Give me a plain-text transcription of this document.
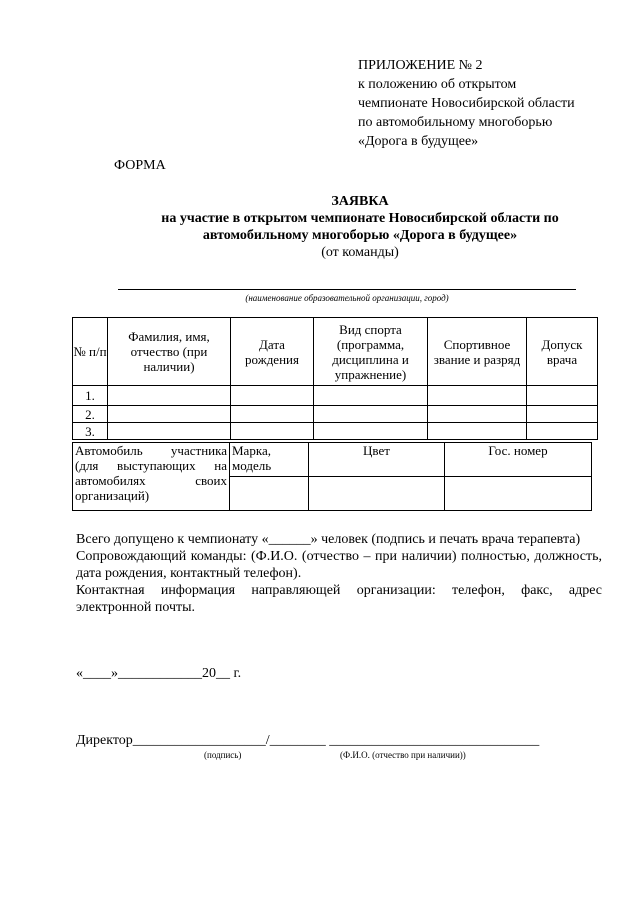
ПРИЛОЖЕНИЕ № 2
к положению об открытом
чемпионате Новосибирской области
по автомобильному многоборью
«Дорога в будущее»
ФОРМА
ЗАЯВКА
на участие в открытом чемпионате Новосибирской области по
автомобильному многоборью «Дорога в будущее»
(от команды)
(наименование образовательной организации, город)
№ п/п	Фамилия, имя, отчество (при наличии)	Дата рождения	Вид спорта (программа, дисциплина и упражнение)	Спортивное звание и разряд	Допуск врача
1.					
2.					
3.					
Автомобиль участника (для выступающих на автомобилях своих организаций)	Марка, модель	Цвет	Гос. номер

Всего допущено к чемпионату «______» человек (подпись и печать врача терапевта)

Сопровождающий команды: (Ф.И.О. (отчество – при наличии) полностью, должность, дата рождения, контактный телефон).

Контактная информация направляющей организации: телефон, факс, адрес электронной почты.

«____»____________20__ г.
Директор___________________/________ ______________________________
(подпись)	(Ф.И.О. (отчество при наличии))
